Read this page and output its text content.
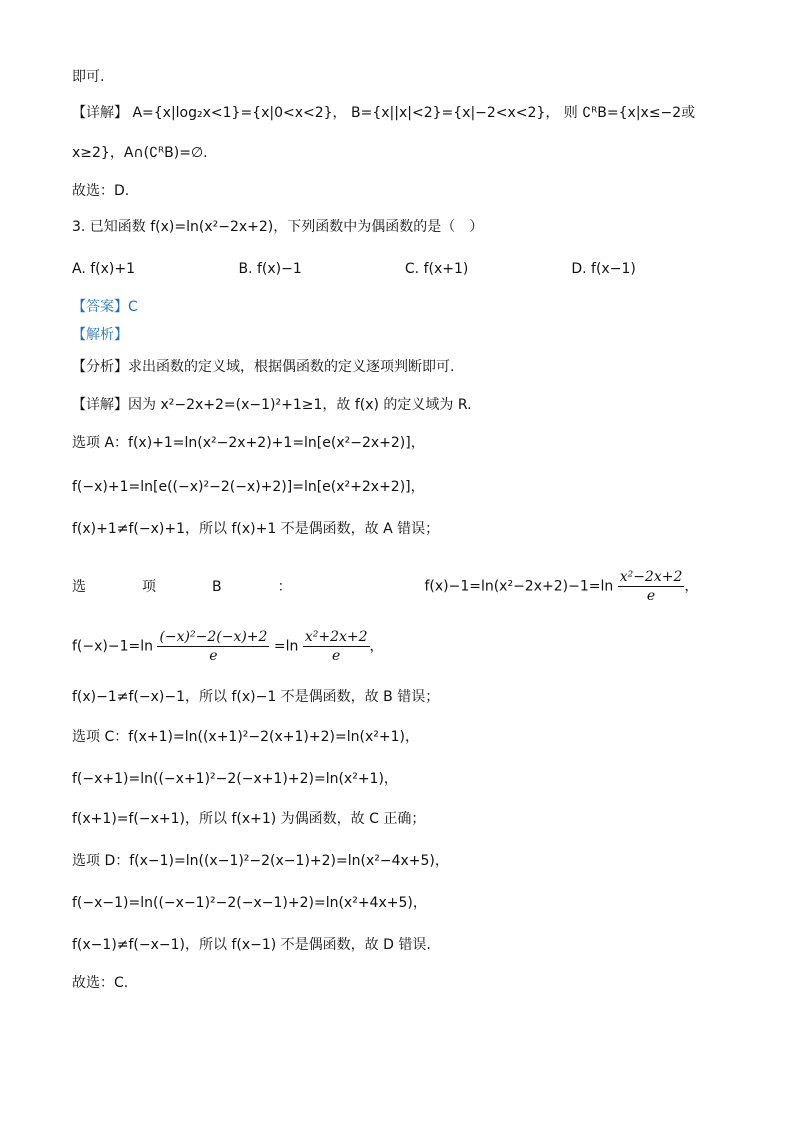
即可.
【详解】 A={x|log₂x<1}={x|0<x<2}， B={x||x|<2}={x|−2<x<2}， 则 ∁ᴿB={x|x≤−2或
x≥2}，A∩(∁ᴿB)=∅.
故选：D.
3. 已知函数 f(x)=ln(x²−2x+2)，下列函数中为偶函数的是（　）
A. f(x)+1	B. f(x)−1	C. f(x+1)	D. f(x−1)
【答案】C
【解析】
【分析】求出函数的定义域，根据偶函数的定义逐项判断即可.
【详解】因为 x²−2x+2=(x−1)²+1≥1，故 f(x) 的定义域为 R.
选项 A：f(x)+1=ln(x²−2x+2)+1=ln[e(x²−2x+2)]，
f(−x)+1=ln[e((−x)²−2(−x)+2)]=ln[e(x²+2x+2)]，
f(x)+1≠f(−x)+1，所以 f(x)+1 不是偶函数，故 A 错误；
选　　　　项　　　　B　　　　：	$f(x)-1=\ln(x^2-2x+2)-1=\ln \frac{\text{x²−2x+2}}{e}$ ，
$f(-x)-1=\ln \frac{\text{(−x)²−2(−x)+2}}{e} =\ln \frac{\text{x²+2x+2}}{e}$ ，
f(x)−1≠f(−x)−1，所以 f(x)−1 不是偶函数，故 B 错误；
选项 C：f(x+1)=ln((x+1)²−2(x+1)+2)=ln(x²+1)，
f(−x+1)=ln((−x+1)²−2(−x+1)+2)=ln(x²+1)，
f(x+1)=f(−x+1)，所以 f(x+1) 为偶函数，故 C 正确；
选项 D：f(x−1)=ln((x−1)²−2(x−1)+2)=ln(x²−4x+5)，
f(−x−1)=ln((−x−1)²−2(−x−1)+2)=ln(x²+4x+5)，
f(x−1)≠f(−x−1)，所以 f(x−1) 不是偶函数，故 D 错误.
故选：C.
